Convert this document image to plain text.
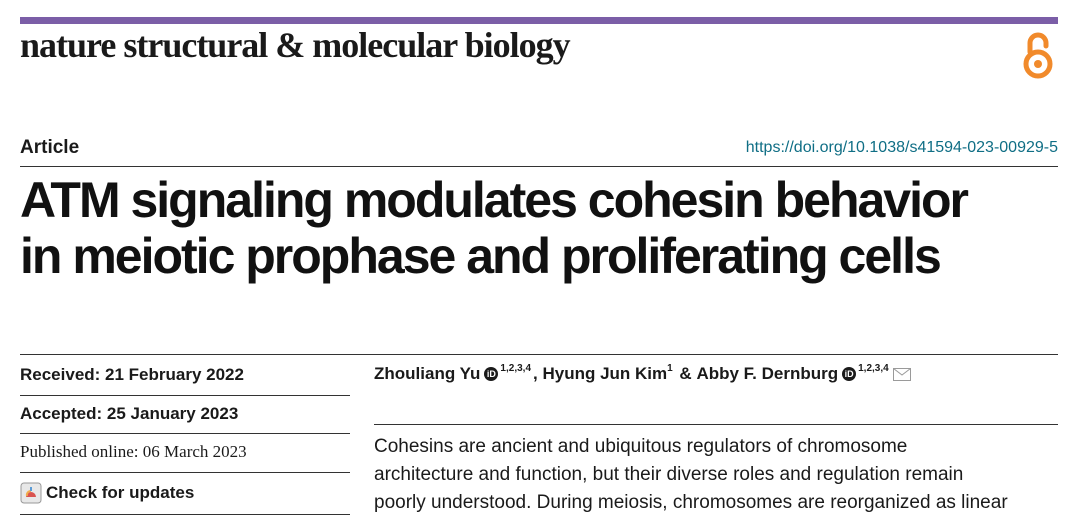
nature structural & molecular biology
Article	https://doi.org/10.1038/s41594-023-00929-5
ATM signaling modulates cohesin behavior
in meiotic prophase and proliferating cells
Received: 21 February 2022
Accepted: 25 January 2023
Published online: 06 March 2023
Check for updates
Zhouliang Yu iD
1,2,3,4 , Hyung Jun Kim 1 & Abby F. Dernburg iD
1,2,3,4

Cohesins are ancient and ubiquitous regulators of chromosome
architecture and function, but their diverse roles and regulation remain
poorly understood. During meiosis, chromosomes are reorganized as linear
